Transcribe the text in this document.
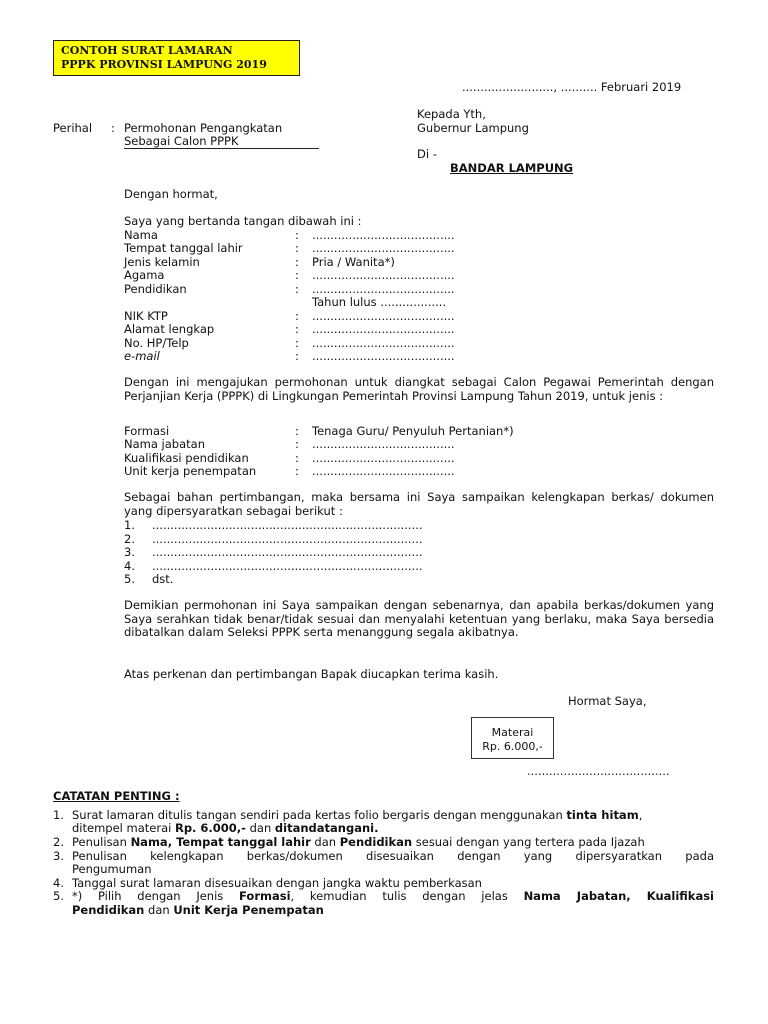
CONTOH SURAT LAMARAN
PPPK PROVINSI LAMPUNG 2019
........................., .......... Februari 2019
Kepada Yth,
Gubernur Lampung
Di -
BANDAR LAMPUNG
Perihal : Permohonan Pengangkatan
Sebagai Calon PPPK
Dengan hormat,
Saya yang bertanda tangan dibawah ini :
Nama	: .......................................
Tempat tanggal lahir	: .......................................
Jenis kelamin	: Pria / Wanita*)
Agama	: .......................................
Pendidikan	: .......................................
Tahun lulus ..................
NIK KTP	: .......................................
Alamat lengkap	: .......................................
No. HP/Telp	: .......................................
e-mail	: .......................................
Dengan ini mengajukan permohonan untuk diangkat sebagai Calon Pegawai Pemerintah dengan Perjanjian Kerja (PPPK) di Lingkungan Pemerintah Provinsi Lampung Tahun 2019, untuk jenis :
Formasi	: Tenaga Guru/ Penyuluh Pertanian*)
Nama jabatan	: .......................................
Kualifikasi pendidikan	: .......................................
Unit kerja penempatan	: .......................................
Sebagai bahan pertimbangan, maka bersama ini Saya sampaikan kelengkapan berkas/ dokumen yang dipersyaratkan sebagai berikut :
1. ..........................................................................
2. ..........................................................................
3. ..........................................................................
4. ..........................................................................
5. dst.
Demikian permohonan ini Saya sampaikan dengan sebenarnya, dan apabila berkas/dokumen yang Saya serahkan tidak benar/tidak sesuai dan menyalahi ketentuan yang berlaku, maka Saya bersedia dibatalkan dalam Seleksi PPPK serta menanggung segala akibatnya.
Atas perkenan dan pertimbangan Bapak diucapkan terima kasih.
Hormat Saya,
Materai
Rp. 6.000,-
.......................................
CATATAN PENTING :
1. Surat lamaran ditulis tangan sendiri pada kertas folio bergaris dengan menggunakan tinta hitam,
ditempel materai Rp. 6.000,- dan ditandatangani.
2. Penulisan Nama, Tempat tanggal lahir dan Pendidikan sesuai dengan yang tertera pada Ijazah
3. Penulisan kelengkapan berkas/dokumen disesuaikan dengan yang dipersyaratkan pada
Pengumuman
4. Tanggal surat lamaran disesuaikan dengan jangka waktu pemberkasan
5. *) Pilih dengan Jenis Formasi, kemudian tulis dengan jelas Nama Jabatan, Kualifikasi
Pendidikan dan Unit Kerja Penempatan
